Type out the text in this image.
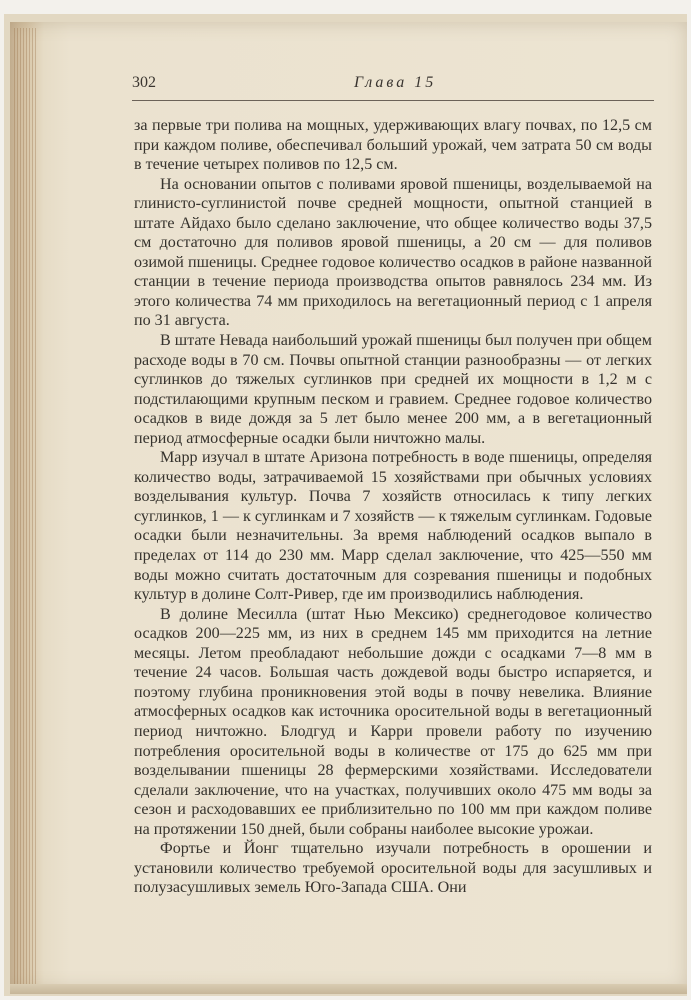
302	Глава 15

за первые три полива на мощных, удерживающих влагу почвах, по 12,5 см при каждом поливе, обеспечивал больший урожай, чем затрата 50 см воды в течение четырех поливов по 12,5 см.

На основании опытов с поливами яровой пшеницы, возделываемой на глинисто-суглинистой почве средней мощности, опытной станцией в штате Айдахо было сделано заключение, что общее количество воды 37,5 см достаточно для поливов яровой пшеницы, а 20 см — для поливов озимой пшеницы. Среднее годовое количество осадков в районе названной станции в течение периода производства опытов равнялось 234 мм. Из этого количества 74 мм приходилось на вегетационный период с 1 апреля по 31 августа.

В штате Невада наибольший урожай пшеницы был получен при общем расходе воды в 70 см. Почвы опытной станции разнообразны — от легких суглинков до тяжелых суглинков при средней их мощности в 1,2 м с подстилающими крупным песком и гравием. Среднее годовое количество осадков в виде дождя за 5 лет было менее 200 мм, а в вегетационный период атмосферные осадки были ничтожно малы.

Марр изучал в штате Аризона потребность в воде пшеницы, определяя количество воды, затрачиваемой 15 хозяйствами при обычных условиях возделывания культур. Почва 7 хозяйств относилась к типу легких суглинков, 1 — к суглинкам и 7 хозяйств — к тяжелым суглинкам. Годовые осадки были незначительны. За время наблюдений осадков выпало в пределах от 114 до 230 мм. Марр сделал заключение, что 425—550 мм воды можно считать достаточным для созревания пшеницы и подобных культур в долине Солт-Ривер, где им производились наблюдения.

В долине Месилла (штат Нью Мексико) среднегодовое количество осадков 200—225 мм, из них в среднем 145 мм приходится на летние месяцы. Летом преобладают небольшие дожди с осадками 7—8 мм в течение 24 часов. Большая часть дождевой воды быстро испаряется, и поэтому глубина проникновения этой воды в почву невелика. Влияние атмосферных осадков как источника оросительной воды в вегетационный период ничтожно. Блодгуд и Карри провели работу по изучению потребления оросительной воды в количестве от 175 до 625 мм при возделывании пшеницы 28 фермерскими хозяйствами. Исследователи сделали заключение, что на участках, получивших около 475 мм воды за сезон и расходовавших ее приблизительно по 100 мм при каждом поливе на протяжении 150 дней, были собраны наиболее высокие урожаи.

Фортье и Йонг тщательно изучали потребность в орошении и установили количество требуемой оросительной воды для засушливых и полузасушливых земель Юго-Запада США. Они
